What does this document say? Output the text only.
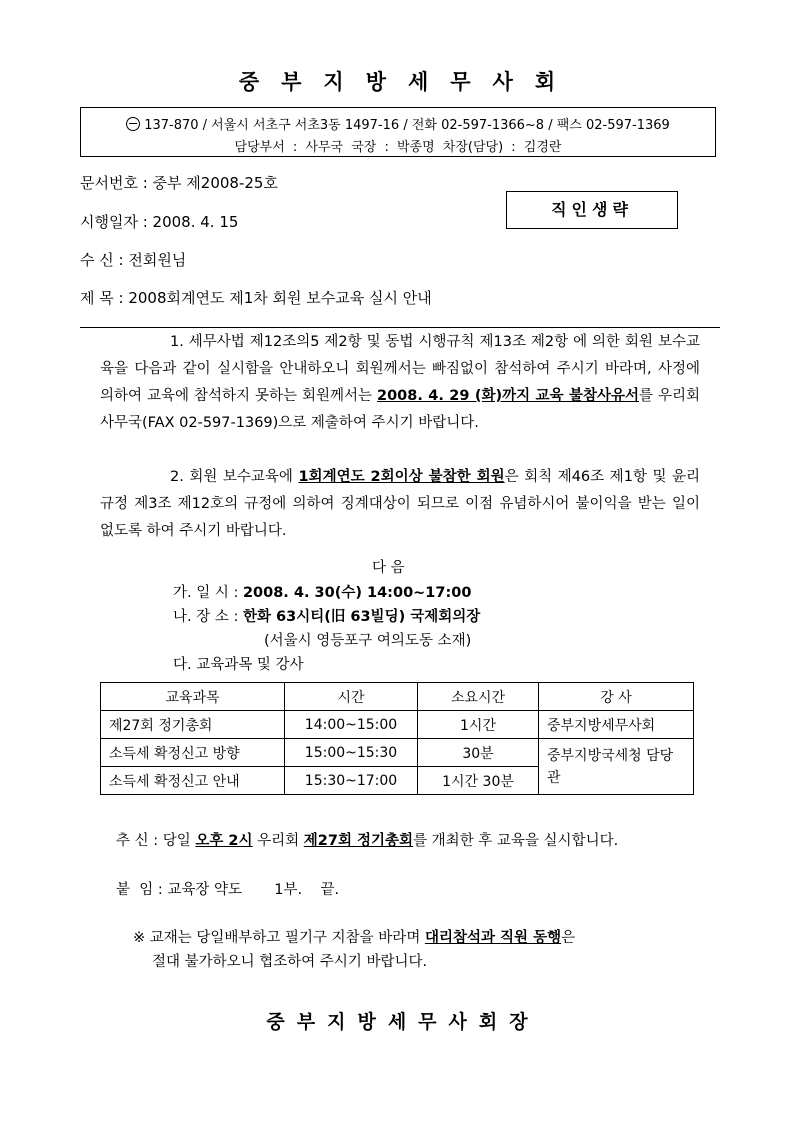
중부지방세무사회
137-870 / 서울시 서초구 서초3동 1497-16 / 전화 02-597-1366~8 / 팩스 02-597-1369
담당부서 : 사무국 국장 : 박종명 차장(담당) : 김경란
문서번호 : 중부 제2008-25호
시행일자 : 2008. 4. 15
수 신 : 전회원님
제 목 : 2008회계연도 제1차 회원 보수교육 실시 안내
직인생략

1. 세무사법 제12조의5 제2항 및 동법 시행규칙 제13조 제2항 에 의한 회원 보수교육을 다음과 같이 실시함을 안내하오니 회원께서는 빠짐없이 참석하여 주시기 바라며, 사정에 의하여 교육에 참석하지 못하는 회원께서는 2008. 4. 29 (화)까지 교육 불참사유서를 우리회 사무국(FAX 02-597-1369)으로 제출하여 주시기 바랍니다.

2. 회원 보수교육에 1회계연도 2회이상 불참한 회원은 회칙 제46조 제1항 및 윤리규정 제3조 제12호의 규정에 의하여 징계대상이 되므로 이점 유념하시어 불이익을 받는 일이 없도록 하여 주시기 바랍니다.

다 음
가. 일 시 : 2008. 4. 30(수) 14:00~17:00
나. 장 소 : 한화 63시티(旧 63빌딩) 국제회의장
(서울시 영등포구 여의도동 소재)
다. 교육과목 및 강사
교육과목	시간	소요시간	강 사
제27회 정기총회	14:00~15:00	1시간	중부지방세무사회
소득세 확정신고 방향	15:00~15:30	30분	중부지방국세청 담당관
소득세 확정신고 안내	15:30~17:00	1시간 30분	
추 신 : 당일 오후 2시 우리회 제27회 정기총회를 개최한 후 교육을 실시합니다.
붙  임 : 교육장 약도       1부.    끝.
※ 교재는 당일배부하고 필기구 지참을 바라며 대리참석과 직원 동행은
절대 불가하오니 협조하여 주시기 바랍니다.
중부지방세무사회장
